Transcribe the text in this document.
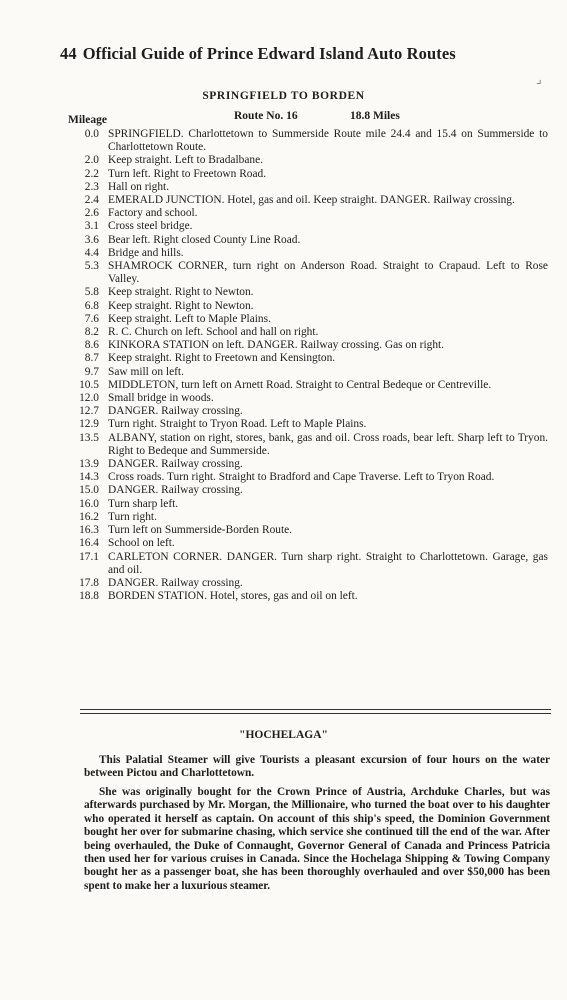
44 Official Guide of Prince Edward Island Auto Routes
⌟
SPRINGFIELD TO BORDEN
Mileage	Route No. 16	18.8 Miles
0.0 SPRINGFIELD. Charlottetown to Summerside Route mile 24.4 and 15.4 on Summerside to Charlottetown Route.
2.0 Keep straight. Left to Bradalbane.
2.2 Turn left. Right to Freetown Road.
2.3 Hall on right.
2.4 EMERALD JUNCTION. Hotel, gas and oil. Keep straight. DANGER. Railway crossing.
2.6 Factory and school.
3.1 Cross steel bridge.
3.6 Bear left. Right closed County Line Road.
4.4 Bridge and hills.
5.3 SHAMROCK CORNER, turn right on Anderson Road. Straight to Crapaud. Left to Rose Valley.
5.8 Keep straight. Right to Newton.
6.8 Keep straight. Right to Newton.
7.6 Keep straight. Left to Maple Plains.
8.2 R. C. Church on left. School and hall on right.
8.6 KINKORA STATION on left. DANGER. Railway crossing. Gas on right.
8.7 Keep straight. Right to Freetown and Kensington.
9.7 Saw mill on left.
10.5 MIDDLETON, turn left on Arnett Road. Straight to Central Bedeque or Centreville.
12.0 Small bridge in woods.
12.7 DANGER. Railway crossing.
12.9 Turn right. Straight to Tryon Road. Left to Maple Plains.
13.5 ALBANY, station on right, stores, bank, gas and oil. Cross roads, bear left. Sharp left to Tryon. Right to Bedeque and Summerside.
13.9 DANGER. Railway crossing.
14.3 Cross roads. Turn right. Straight to Bradford and Cape Traverse. Left to Tryon Road.
15.0 DANGER. Railway crossing.
16.0 Turn sharp left.
16.2 Turn right.
16.3 Turn left on Summerside-Borden Route.
16.4 School on left.
17.1 CARLETON CORNER. DANGER. Turn sharp right. Straight to Charlottetown. Garage, gas and oil.
17.8 DANGER. Railway crossing.
18.8 BORDEN STATION. Hotel, stores, gas and oil on left.
"HOCHELAGA"
This Palatial Steamer will give Tourists a pleasant excursion of four hours on the water between Pictou and Charlottetown.
She was originally bought for the Crown Prince of Austria, Archduke Charles, but was afterwards purchased by Mr. Morgan, the Millionaire, who turned the boat over to his daughter who operated it herself as captain. On account of this ship's speed, the Dominion Government bought her over for submarine chasing, which service she continued till the end of the war. After being overhauled, the Duke of Connaught, Governor General of Canada and Princess Patricia then used her for various cruises in Canada. Since the Hochelaga Shipping & Towing Company bought her as a passenger boat, she has been thoroughly overhauled and over $50,000 has been spent to make her a luxurious steamer.
